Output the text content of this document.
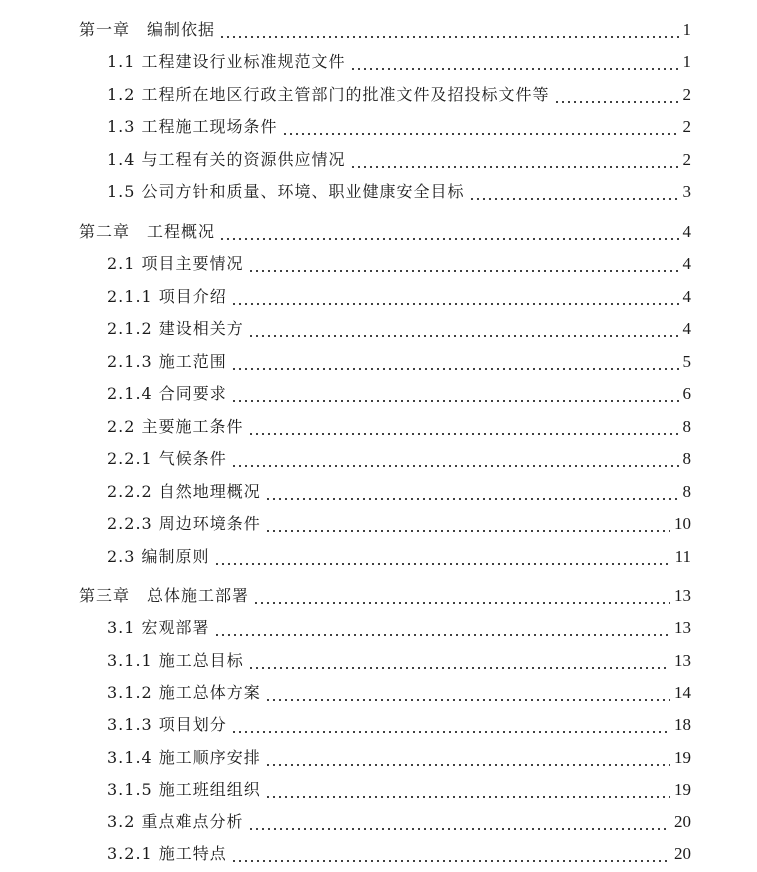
第一章　编制依据	1
1.1 工程建设行业标准规范文件	1
1.2 工程所在地区行政主管部门的批准文件及招投标文件等	2
1.3 工程施工现场条件	2
1.4 与工程有关的资源供应情况	2
1.5 公司方针和质量、环境、职业健康安全目标	3
第二章　工程概况	4
2.1 项目主要情况	4
2.1.1 项目介绍	4
2.1.2 建设相关方	4
2.1.3 施工范围	5
2.1.4 合同要求	6
2.2 主要施工条件	8
2.2.1 气候条件	8
2.2.2 自然地理概况	8
2.2.3 周边环境条件	10
2.3 编制原则	11
第三章　总体施工部署	13
3.1 宏观部署	13
3.1.1 施工总目标	13
3.1.2 施工总体方案	14
3.1.3 项目划分	18
3.1.4 施工顺序安排	19
3.1.5 施工班组组织	19
3.2 重点难点分析	20
3.2.1 施工特点	20
